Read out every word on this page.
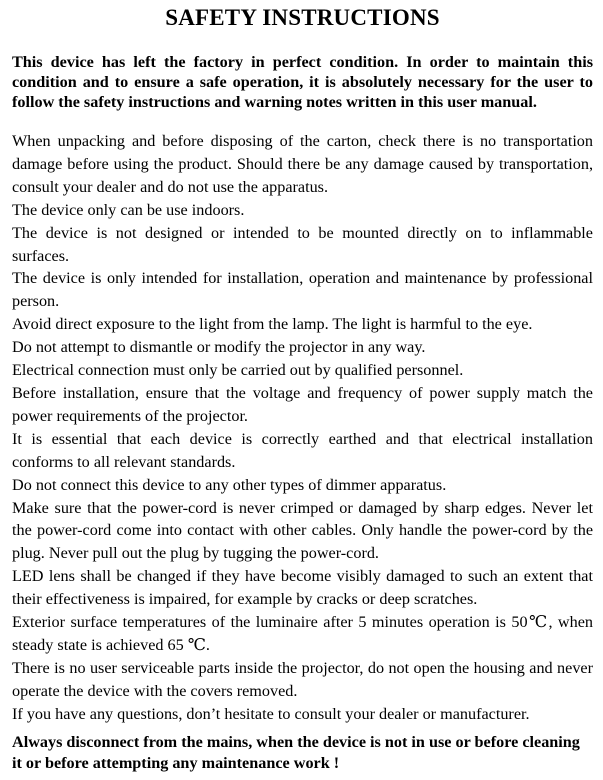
SAFETY INSTRUCTIONS

This device has left the factory in perfect condition. In order to maintain this condition and to ensure a safe operation, it is absolutely necessary for the user to follow the safety instructions and warning notes written in this user manual.

When unpacking and before disposing of the carton, check there is no transportation damage before using the product. Should there be any damage caused by transportation, consult your dealer and do not use the apparatus.
The device only can be use indoors.
The device is not designed or intended to be mounted directly on to inflammable surfaces.
The device is only intended for installation, operation and maintenance by professional person.
Avoid direct exposure to the light from the lamp. The light is harmful to the eye.
Do not attempt to dismantle or modify the projector in any way.
Electrical connection must only be carried out by qualified personnel.
Before installation, ensure that the voltage and frequency of power supply match the power requirements of the projector.
It is essential that each device is correctly earthed and that electrical installation conforms to all relevant standards.
Do not connect this device to any other types of dimmer apparatus.
Make sure that the power-cord is never crimped or damaged by sharp edges. Never let the power-cord come into contact with other cables. Only handle the power-cord by the plug. Never pull out the plug by tugging the power-cord.
LED lens shall be changed if they have become visibly damaged to such an extent that their effectiveness is impaired, for example by cracks or deep scratches.
Exterior surface temperatures of the luminaire after 5 minutes operation is 50℃, when steady state is achieved 65 ℃.
There is no user serviceable parts inside the projector, do not open the housing and never operate the device with the covers removed.
If you have any questions, don’t hesitate to consult your dealer or manufacturer.

Always disconnect from the mains, when the device is not in use or before cleaning it or before attempting any maintenance work !
